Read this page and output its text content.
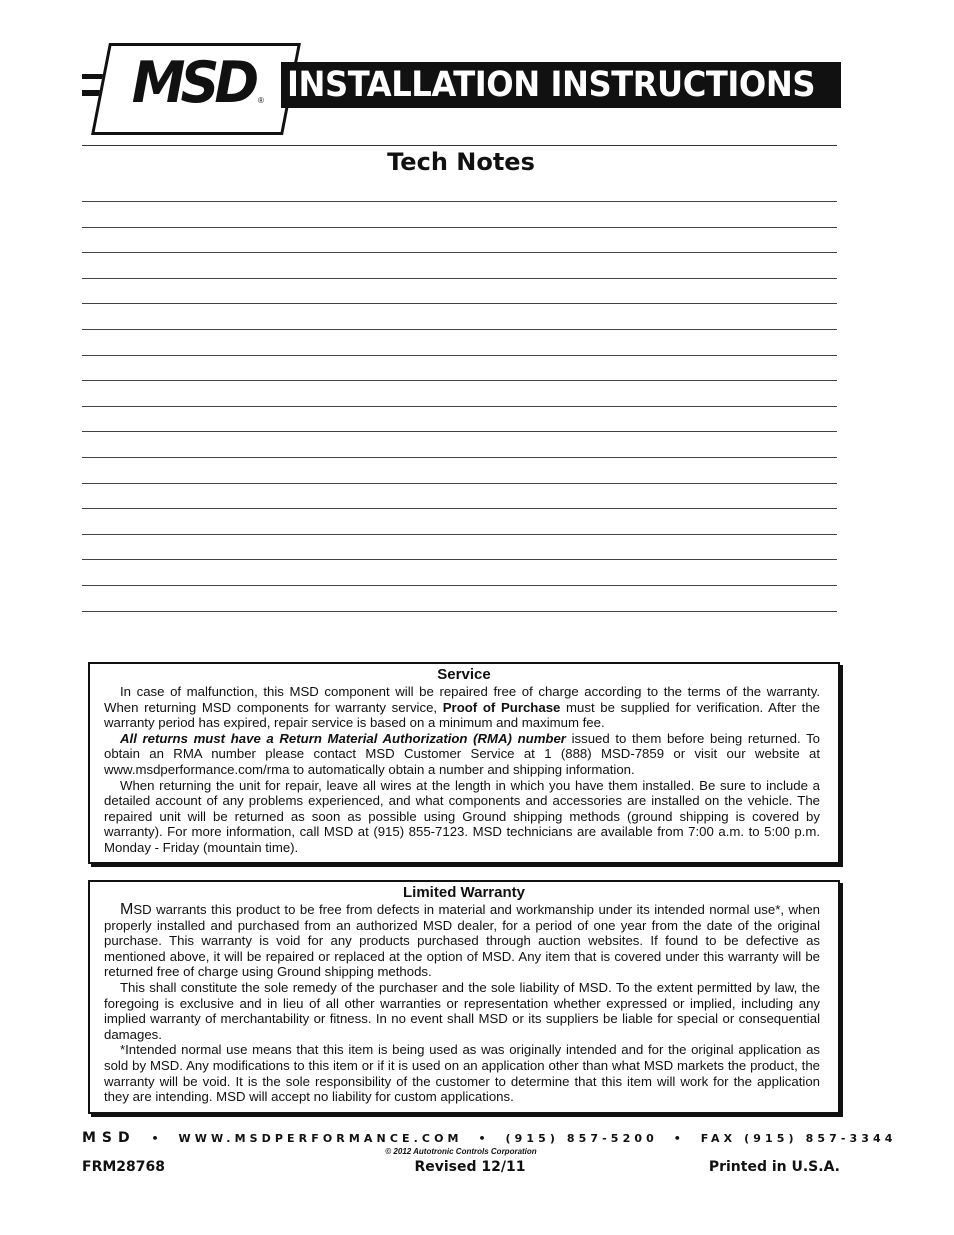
MSD ® INSTALLATION INSTRUCTIONS
Tech Notes
Service

In case of malfunction, this MSD component will be repaired free of charge according to the terms of the warranty. When returning MSD components for warranty service, Proof of Purchase must be supplied for verification. After the warranty period has expired, repair service is based on a minimum and maximum fee.

All returns must have a Return Material Authorization (RMA) number issued to them before being returned. To obtain an RMA number please contact MSD Customer Service at 1 (888) MSD-7859 or visit our website at www.msdperformance.com/rma to automatically obtain a number and shipping information.

When returning the unit for repair, leave all wires at the length in which you have them installed. Be sure to include a detailed account of any problems experienced, and what components and accessories are installed on the vehicle. The repaired unit will be returned as soon as possible using Ground shipping methods (ground shipping is covered by warranty). For more information, call MSD at (915) 855-7123. MSD technicians are available from 7:00 a.m. to 5:00 p.m. Monday - Friday (mountain time).

Limited Warranty

MSD warrants this product to be free from defects in material and workmanship under its intended normal use*, when properly installed and purchased from an authorized MSD dealer, for a period of one year from the date of the original purchase. This warranty is void for any products purchased through auction websites. If found to be defective as mentioned above, it will be repaired or replaced at the option of MSD. Any item that is covered under this warranty will be returned free of charge using Ground shipping methods.

This shall constitute the sole remedy of the purchaser and the sole liability of MSD. To the extent permitted by law, the foregoing is exclusive and in lieu of all other warranties or representation whether expressed or implied, including any implied warranty of merchantability or fitness. In no event shall MSD or its suppliers be liable for special or consequential damages.

*Intended normal use means that this item is being used as was originally intended and for the original application as sold by MSD. Any modifications to this item or if it is used on an application other than what MSD markets the product, the warranty will be void. It is the sole responsibility of the customer to determine that this item will work for the application they are intending. MSD will accept no liability for custom applications.

MSD • WWW.MSDPERFORMANCE.COM • (915) 857-5200 • FAX (915) 857-3344
© 2012 Autotronic Controls Corporation
FRM28768	Revised 12/11	Printed in U.S.A.
